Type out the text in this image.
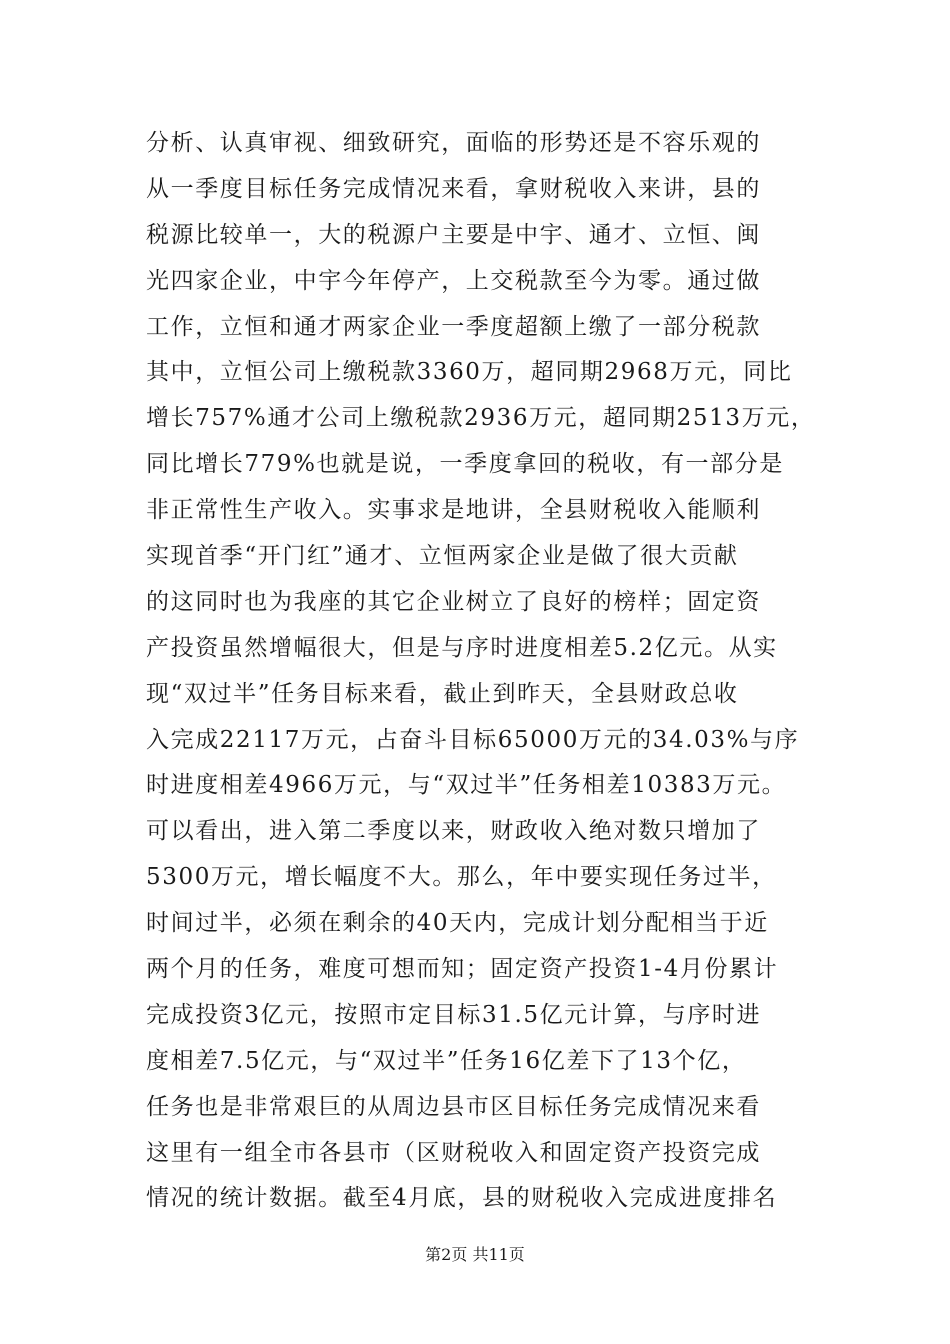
分析、认真审视、细致研究，面临的形势还是不容乐观的
从一季度目标任务完成情况来看，拿财税收入来讲，县的
税源比较单一，大的税源户主要是中宇、通才、立恒、闽
光四家企业，中宇今年停产，上交税款至今为零。通过做
工作，立恒和通才两家企业一季度超额上缴了一部分税款
其中，立恒公司上缴税款3360万，超同期2968万元，同比
增长757%通才公司上缴税款2936万元，超同期2513万元，
同比增长779%也就是说，一季度拿回的税收，有一部分是
非正常性生产收入。实事求是地讲，全县财税收入能顺利
实现首季“开门红”通才、立恒两家企业是做了很大贡献
的这同时也为我座的其它企业树立了良好的榜样；固定资
产投资虽然增幅很大，但是与序时进度相差5.2亿元。从实
现“双过半”任务目标来看，截止到昨天，全县财政总收
入完成22117万元，占奋斗目标65000万元的34.03%与序
时进度相差4966万元，与“双过半”任务相差10383万元。
可以看出，进入第二季度以来，财政收入绝对数只增加了
5300万元，增长幅度不大。那么，年中要实现任务过半，
时间过半，必须在剩余的40天内，完成计划分配相当于近
两个月的任务，难度可想而知；固定资产投资1-4月份累计
完成投资3亿元，按照市定目标31.5亿元计算，与序时进
度相差7.5亿元，与“双过半”任务16亿差下了13个亿，
任务也是非常艰巨的从周边县市区目标任务完成情况来看
这里有一组全市各县市（区财税收入和固定资产投资完成
情况的统计数据。截至4月底，县的财税收入完成进度排名
第2页 共11页
